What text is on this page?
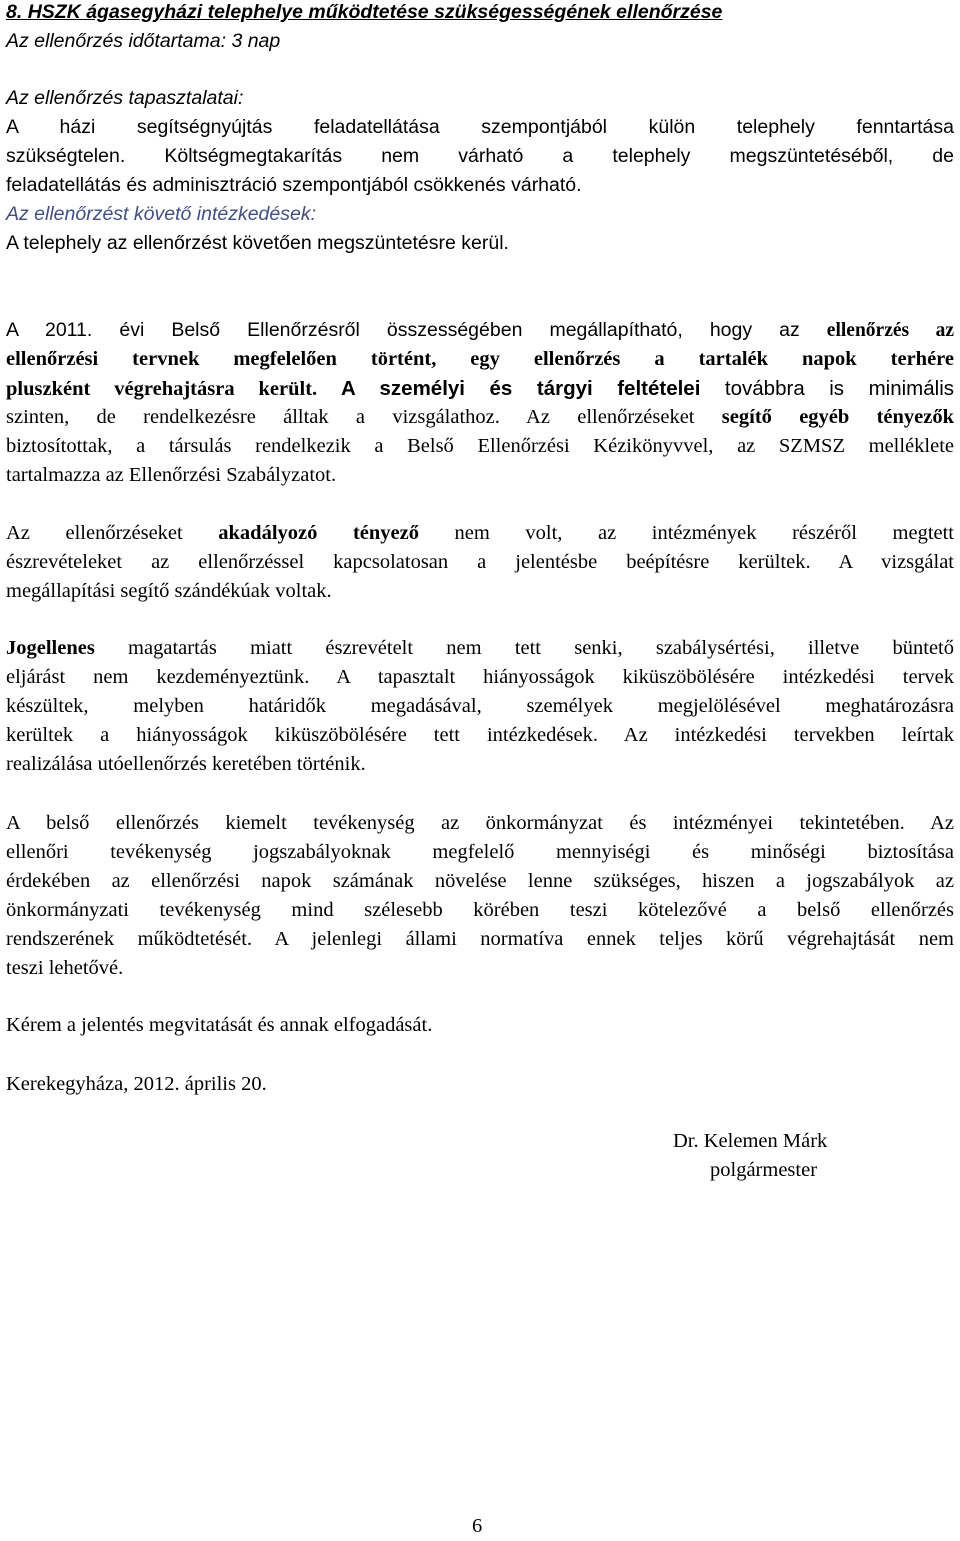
8. HSZK ágasegyházi telephelye működtetése szükségességének ellenőrzése
Az ellenőrzés időtartama: 3 nap
Az ellenőrzés tapasztalatai:
A házi segítségnyújtás feladatellátása szempontjából külön telephely fenntartása
szükségtelen. Költségmegtakarítás nem várható a telephely megszüntetéséből, de
feladatellátás és adminisztráció szempontjából csökkenés várható.
Az ellenőrzést követő intézkedések:
A telephely az ellenőrzést követően megszüntetésre kerül.
A 2011. évi Belső Ellenőrzésről összességében megállapítható, hogy az ellenőrzés az
ellenőrzési tervnek megfelelően történt, egy ellenőrzés a tartalék napok terhére
pluszként végrehajtásra került. A személyi és tárgyi feltételei továbbra is minimális
szinten, de rendelkezésre álltak a vizsgálathoz. Az ellenőrzéseket segítő egyéb tényezők
biztosítottak, a társulás rendelkezik a Belső Ellenőrzési Kézikönyvvel, az SZMSZ melléklete
tartalmazza az Ellenőrzési Szabályzatot.
Az ellenőrzéseket akadályozó tényező nem volt, az intézmények részéről megtett
észrevételeket az ellenőrzéssel kapcsolatosan a jelentésbe beépítésre kerültek. A vizsgálat
megállapítási segítő szándékúak voltak.
Jogellenes magatartás miatt észrevételt nem tett senki, szabálysértési, illetve büntető
eljárást nem kezdeményeztünk. A tapasztalt hiányosságok kiküszöbölésére intézkedési tervek
készültek, melyben határidők megadásával, személyek megjelölésével meghatározásra
kerültek a hiányosságok kiküszöbölésére tett intézkedések. Az intézkedési tervekben leírtak
realizálása utóellenőrzés keretében történik.
A belső ellenőrzés kiemelt tevékenység az önkormányzat és intézményei tekintetében. Az
ellenőri tevékenység jogszabályoknak megfelelő mennyiségi és minőségi biztosítása
érdekében az ellenőrzési napok számának növelése lenne szükséges, hiszen a jogszabályok az
önkormányzati tevékenység mind szélesebb körében teszi kötelezővé a belső ellenőrzés
rendszerének működtetését. A jelenlegi állami normatíva ennek teljes körű végrehajtását nem
teszi lehetővé.
Kérem a jelentés megvitatását és annak elfogadását.
Kerekegyháza, 2012. április 20.
Dr. Kelemen Márk
polgármester
6
